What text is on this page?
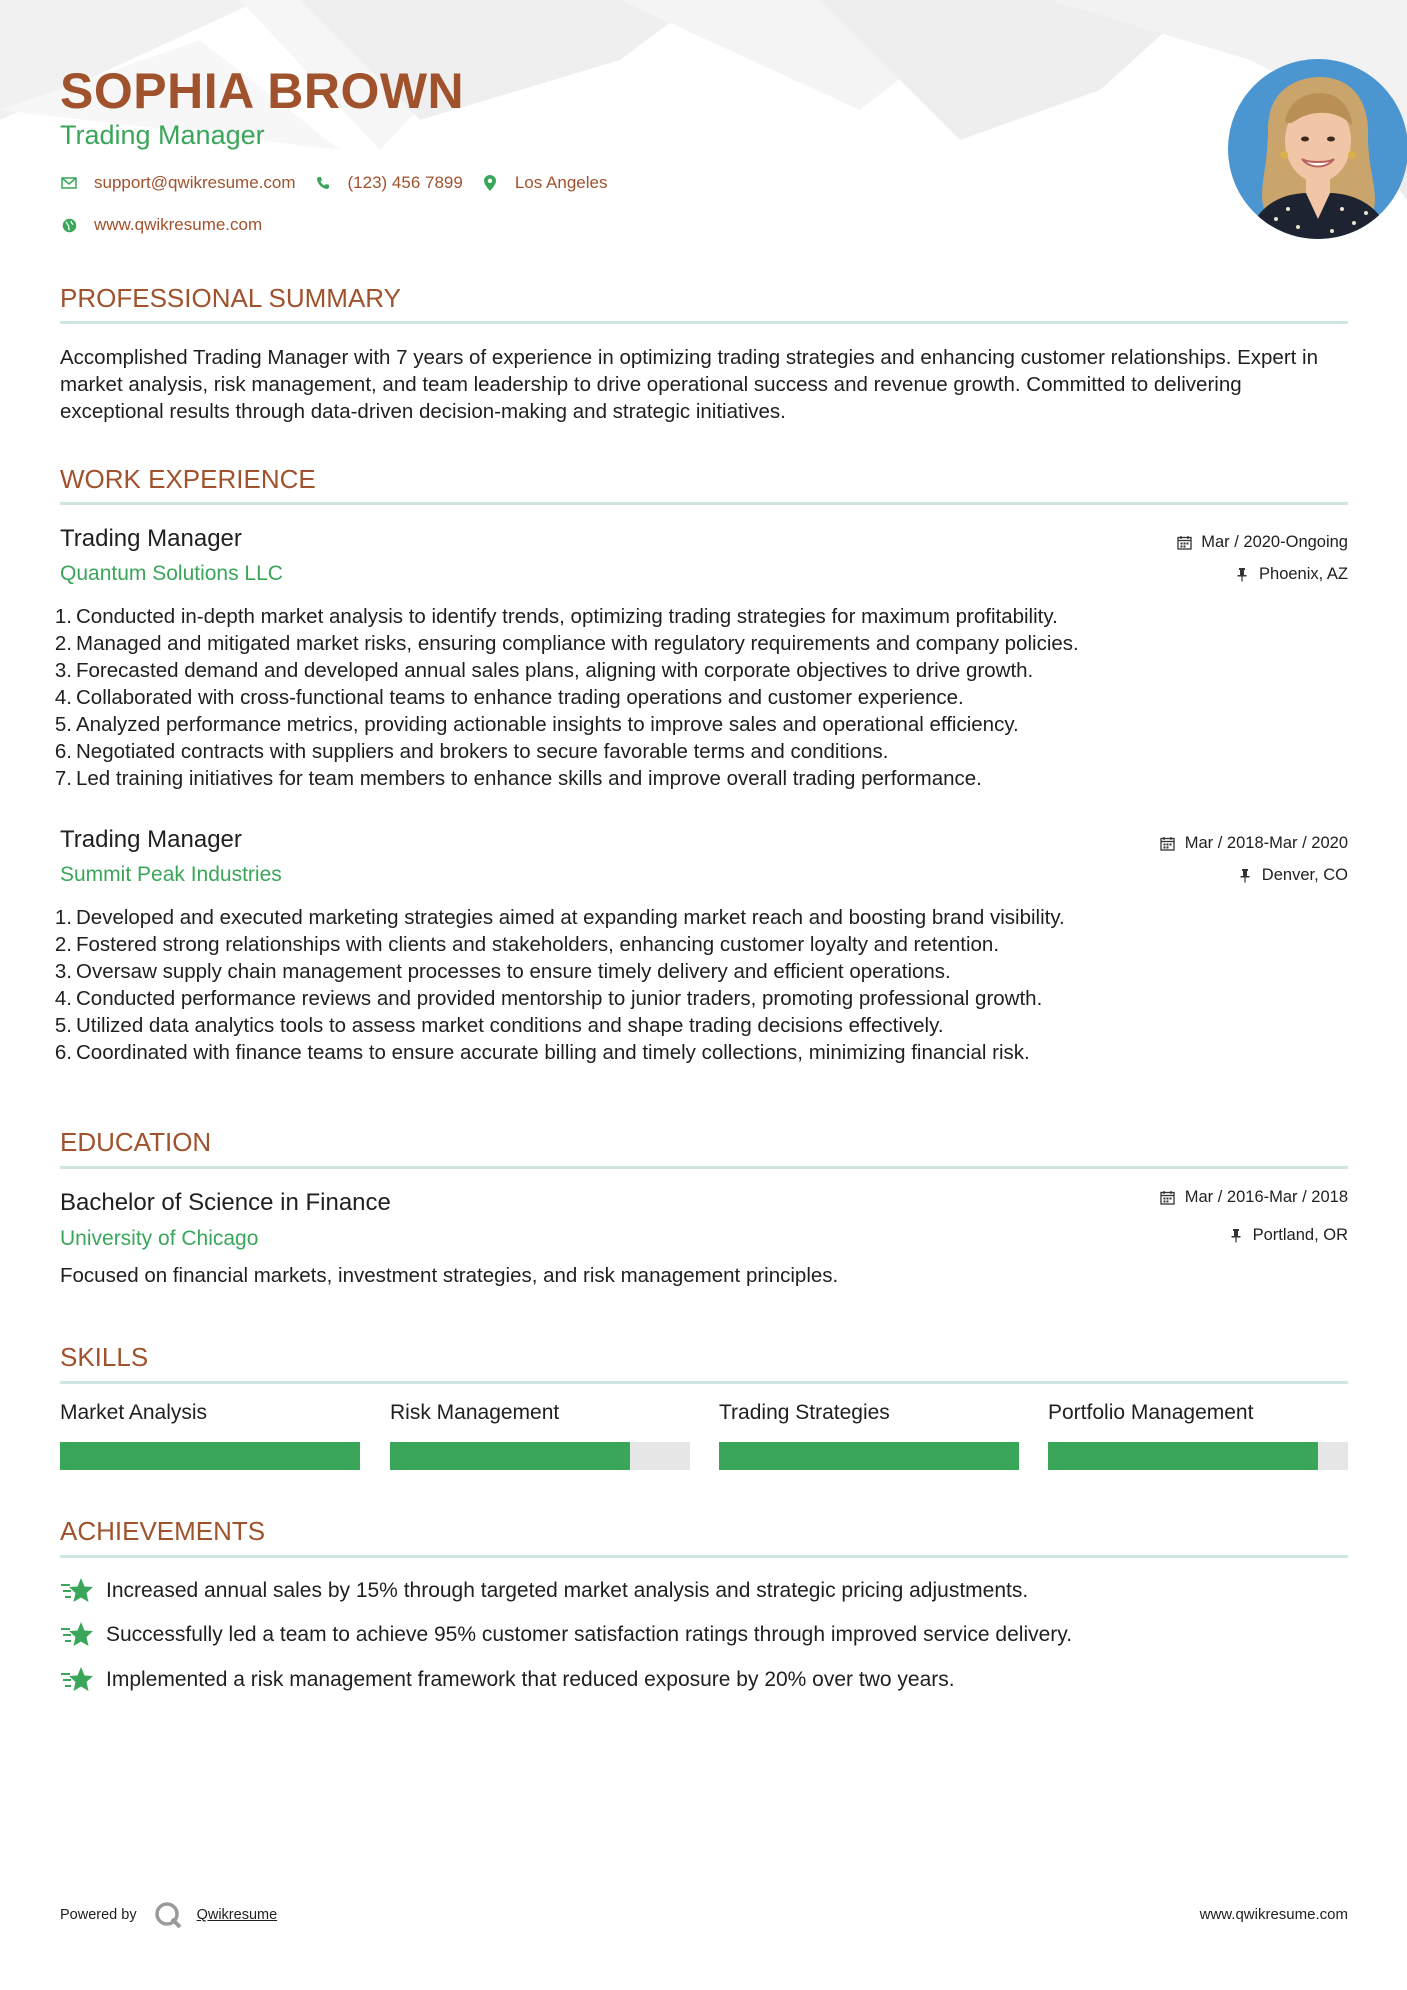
SOPHIA BROWN
Trading Manager
support@qwikresume.com	(123) 456 7899	Los Angeles
www.qwikresume.com
PROFESSIONAL SUMMARY
Accomplished Trading Manager with 7 years of experience in optimizing trading strategies and enhancing customer relationships. Expert in market analysis, risk management, and team leadership to drive operational success and revenue growth. Committed to delivering exceptional results through data-driven decision-making and strategic initiatives.
WORK EXPERIENCE
Trading Manager
Quantum Solutions LLC
Mar / 2020-Ongoing
Phoenix, AZ
1. Conducted in-depth market analysis to identify trends, optimizing trading strategies for maximum profitability.
2. Managed and mitigated market risks, ensuring compliance with regulatory requirements and company policies.
3. Forecasted demand and developed annual sales plans, aligning with corporate objectives to drive growth.
4. Collaborated with cross-functional teams to enhance trading operations and customer experience.
5. Analyzed performance metrics, providing actionable insights to improve sales and operational efficiency.
6. Negotiated contracts with suppliers and brokers to secure favorable terms and conditions.
7. Led training initiatives for team members to enhance skills and improve overall trading performance.
Trading Manager
Summit Peak Industries
Mar / 2018-Mar / 2020
Denver, CO
1. Developed and executed marketing strategies aimed at expanding market reach and boosting brand visibility.
2. Fostered strong relationships with clients and stakeholders, enhancing customer loyalty and retention.
3. Oversaw supply chain management processes to ensure timely delivery and efficient operations.
4. Conducted performance reviews and provided mentorship to junior traders, promoting professional growth.
5. Utilized data analytics tools to assess market conditions and shape trading decisions effectively.
6. Coordinated with finance teams to ensure accurate billing and timely collections, minimizing financial risk.
EDUCATION
Bachelor of Science in Finance
University of Chicago
Mar / 2016-Mar / 2018
Portland, OR
Focused on financial markets, investment strategies, and risk management principles.
SKILLS
Market Analysis	Risk Management	Trading Strategies	Portfolio Management
ACHIEVEMENTS
Increased annual sales by 15% through targeted market analysis and strategic pricing adjustments.
Successfully led a team to achieve 95% customer satisfaction ratings through improved service delivery.
Implemented a risk management framework that reduced exposure by 20% over two years.
Powered by	Qwikresume	www.qwikresume.com
